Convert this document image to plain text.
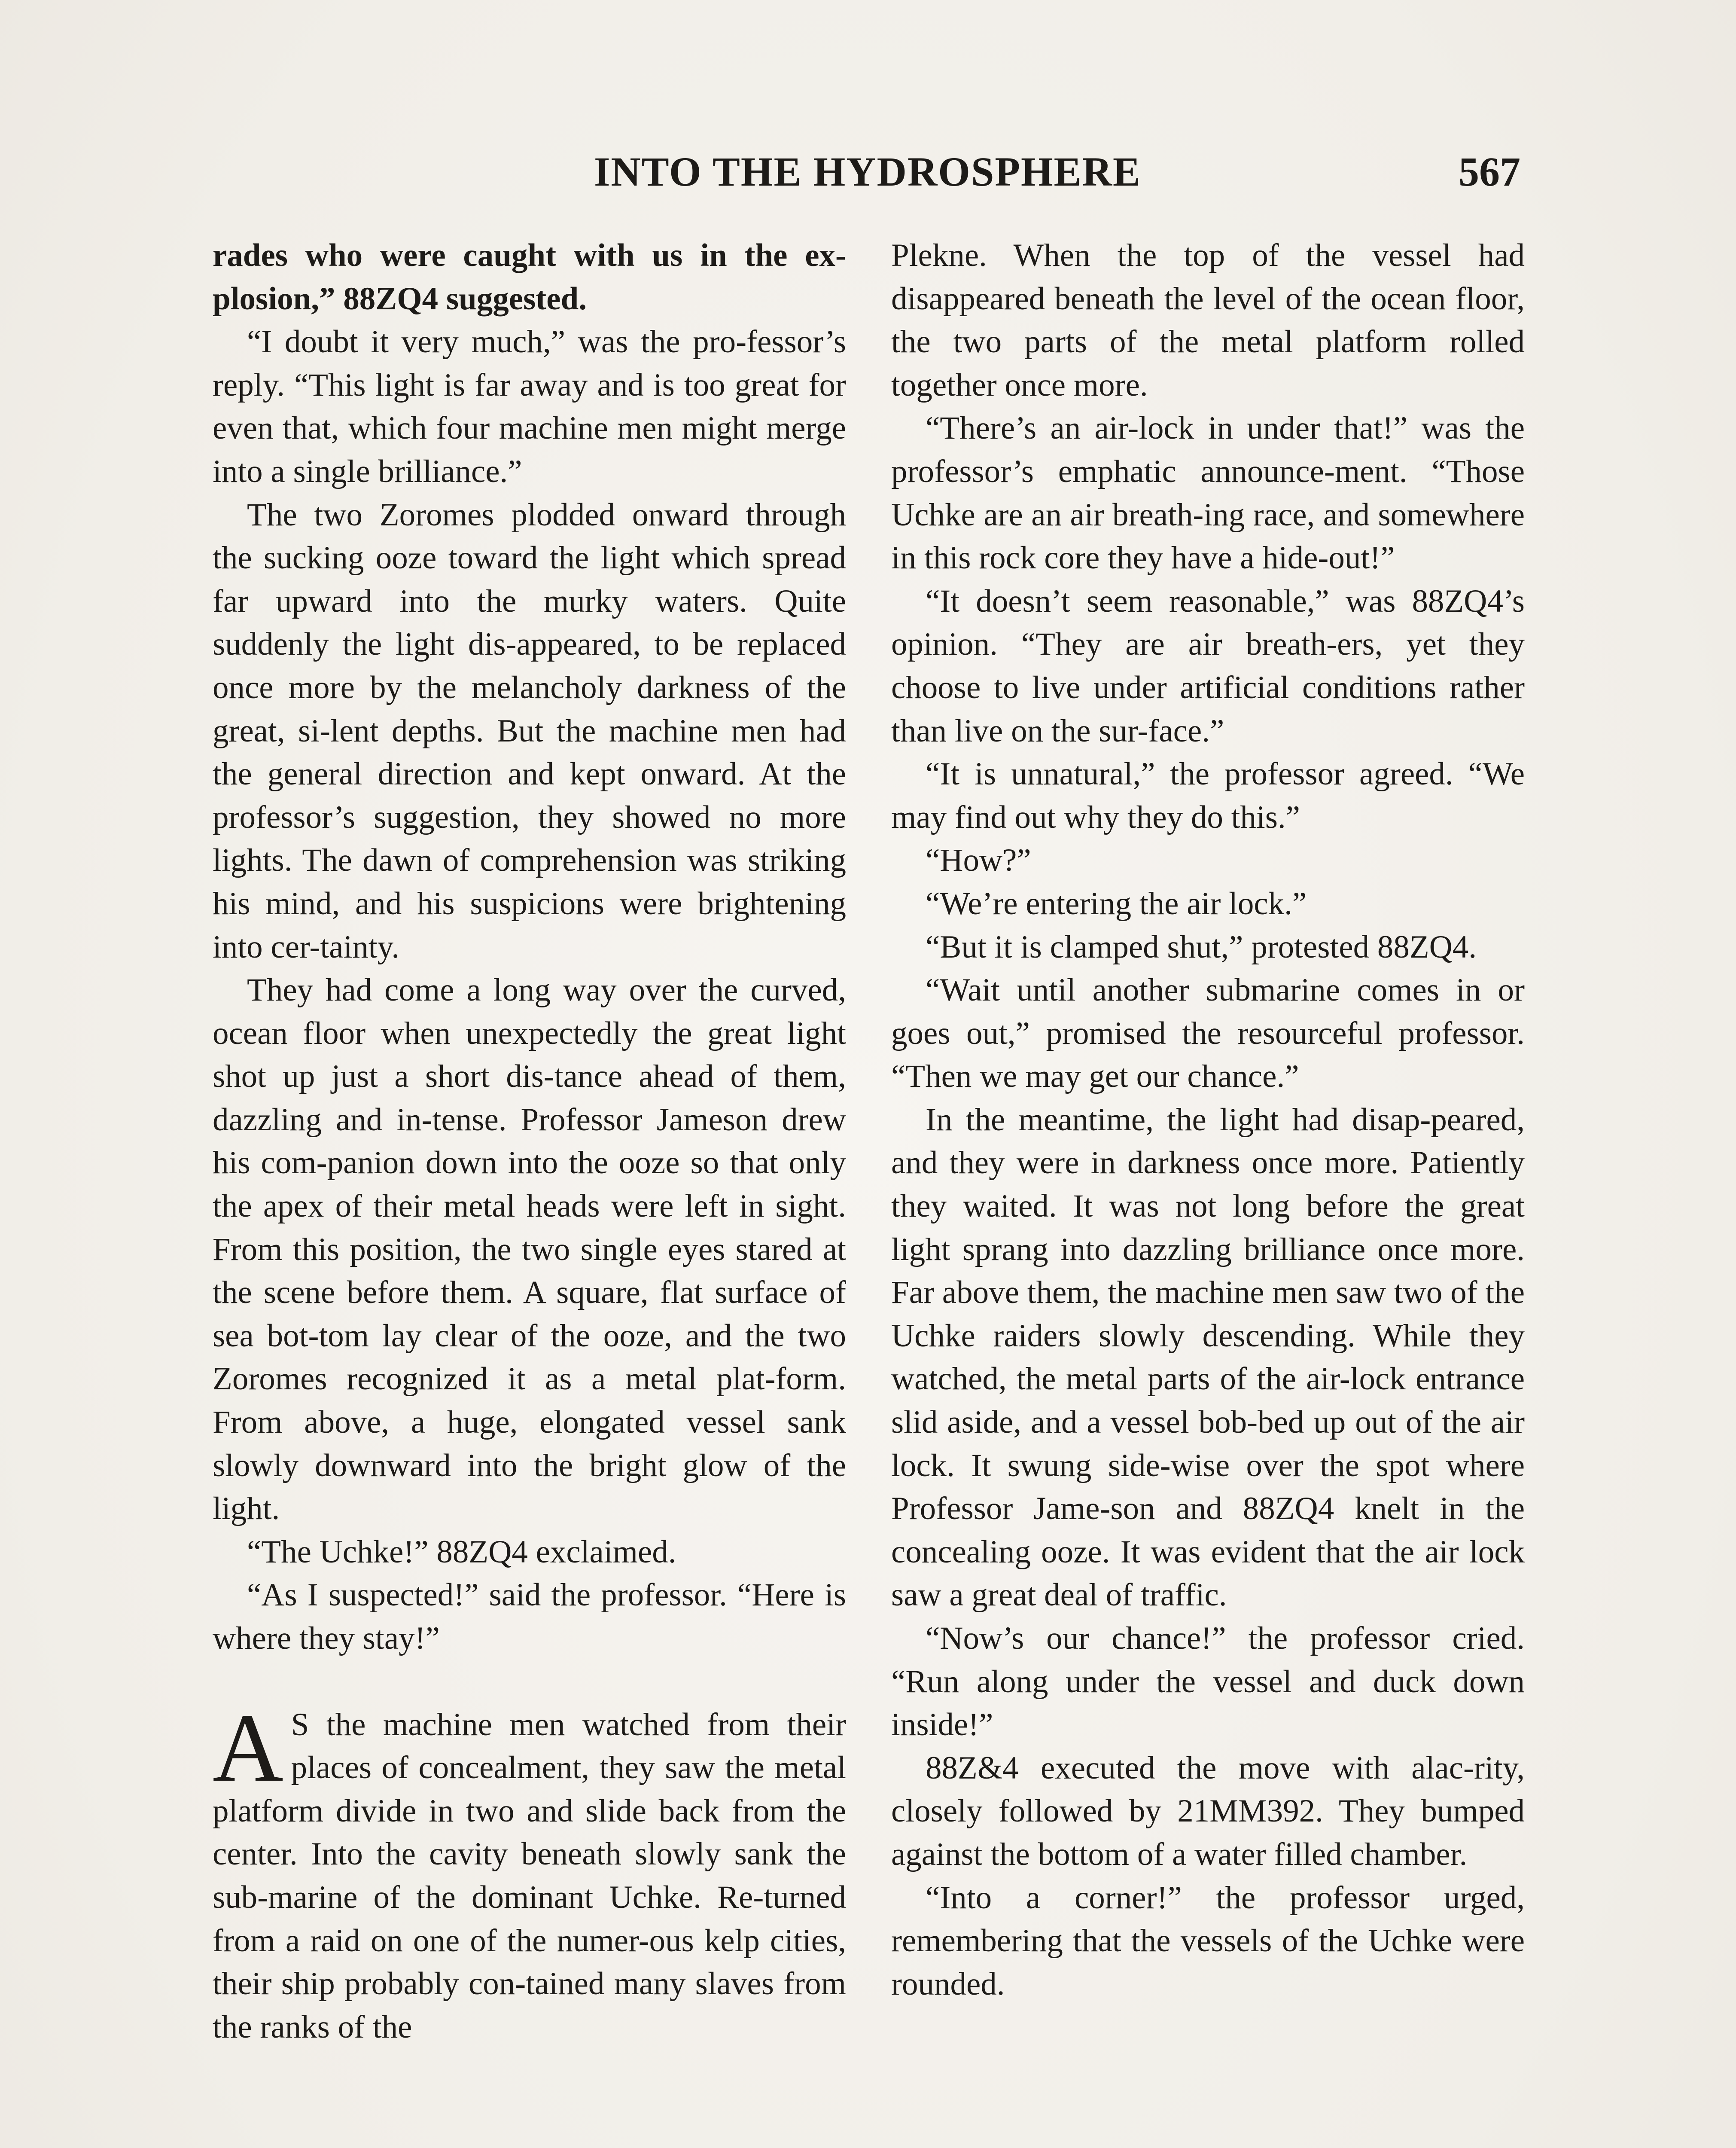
INTO THE HYDROSPHERE	567

rades who were caught with us in the ex-plosion,” 88ZQ4 suggested.

“I doubt it very much,” was the pro-fessor’s reply. “This light is far away and is too great for even that, which four machine men might merge into a single brilliance.”

The two Zoromes plodded onward through the sucking ooze toward the light which spread far upward into the murky waters. Quite suddenly the light dis-appeared, to be replaced once more by the melancholy darkness of the great, si-lent depths. But the machine men had the general direction and kept onward. At the professor’s suggestion, they showed no more lights. The dawn of comprehension was striking his mind, and his suspicions were brightening into cer-tainty.

They had come a long way over the curved, ocean floor when unexpectedly the great light shot up just a short dis-tance ahead of them, dazzling and in-tense. Professor Jameson drew his com-panion down into the ooze so that only the apex of their metal heads were left in sight. From this position, the two single eyes stared at the scene before them. A square, flat surface of sea bot-tom lay clear of the ooze, and the two Zoromes recognized it as a metal plat-form. From above, a huge, elongated vessel sank slowly downward into the bright glow of the light.

“The Uchke!” 88ZQ4 exclaimed.

“As I suspected!” said the professor. “Here is where they stay!”

A S the machine men watched from their places of concealment, they saw the metal platform divide in two and slide back from the center. Into the cavity beneath slowly sank the sub-marine of the dominant Uchke. Re-turned from a raid on one of the numer-ous kelp cities, their ship probably con-tained many slaves from the ranks of the

Plekne. When the top of the vessel had disappeared beneath the level of the ocean floor, the two parts of the metal platform rolled together once more.

“There’s an air-lock in under that!” was the professor’s emphatic announce-ment. “Those Uchke are an air breath-ing race, and somewhere in this rock core they have a hide-out!”

“It doesn’t seem reasonable,” was 88ZQ4’s opinion. “They are air breath-ers, yet they choose to live under artificial conditions rather than live on the sur-face.”

“It is unnatural,” the professor agreed. “We may find out why they do this.”

“How?”

“We’re entering the air lock.”

“But it is clamped shut,” protested 88ZQ4.

“Wait until another submarine comes in or goes out,” promised the resourceful professor. “Then we may get our chance.”

In the meantime, the light had disap-peared, and they were in darkness once more. Patiently they waited. It was not long before the great light sprang into dazzling brilliance once more. Far above them, the machine men saw two of the Uchke raiders slowly descending. While they watched, the metal parts of the air-lock entrance slid aside, and a vessel bob-bed up out of the air lock. It swung side-wise over the spot where Professor Jame-son and 88ZQ4 knelt in the concealing ooze. It was evident that the air lock saw a great deal of traffic.

“Now’s our chance!” the professor cried. “Run along under the vessel and duck down inside!”

88Z&4 executed the move with alac-rity, closely followed by 21MM392. They bumped against the bottom of a water filled chamber.

“Into a corner!” the professor urged, remembering that the vessels of the Uchke were rounded.
